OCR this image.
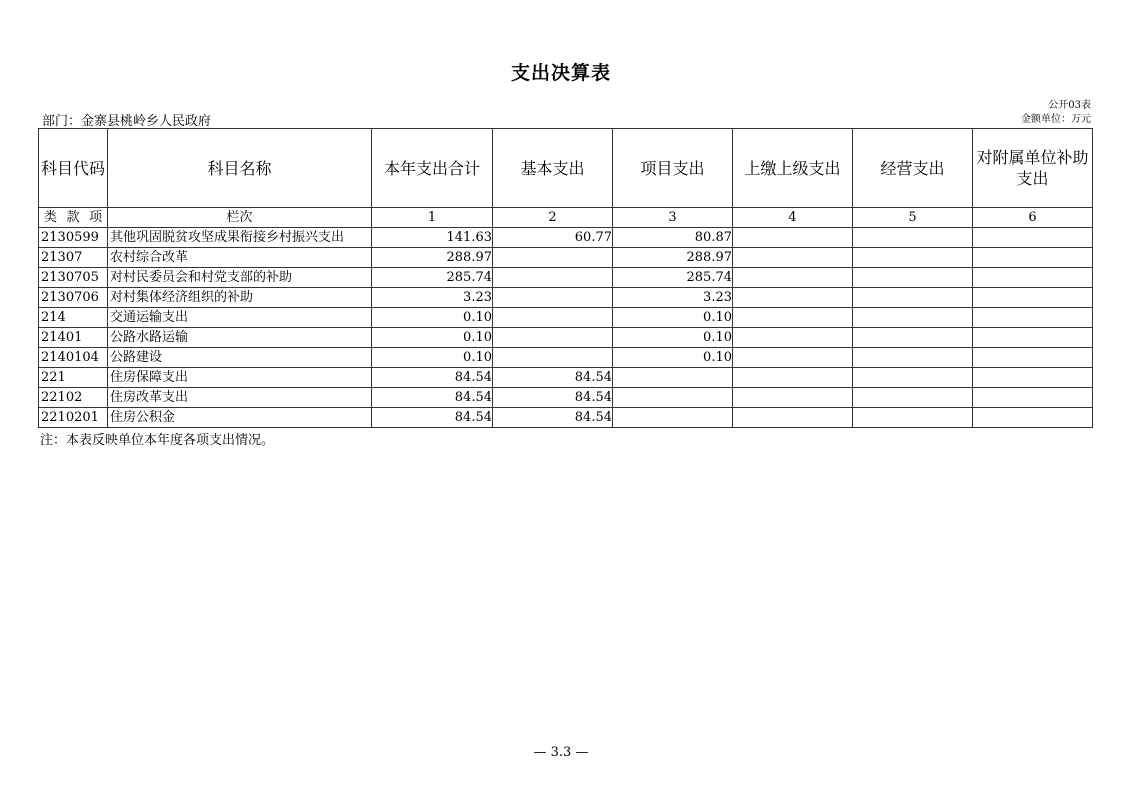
支出决算表
部门：金寨县桃岭乡人民政府
公开03表
金额单位：万元
科目代码	科目名称	本年支出合计	基本支出	项目支出	上缴上级支出	经营支出	对附属单位补助支出

类 款 项	栏次	1	2	3	4	5	6
2130599	其他巩固脱贫攻坚成果衔接乡村振兴支出	141.63	60.77	80.87			
21307	农村综合改革	288.97		288.97			
2130705	对村民委员会和村党支部的补助	285.74		285.74			
2130706	对村集体经济组织的补助	3.23		3.23			
214	交通运输支出	0.10		0.10			
21401	公路水路运输	0.10		0.10			
2140104	公路建设	0.10		0.10			
221	住房保障支出	84.54	84.54				
22102	住房改革支出	84.54	84.54				
2210201	住房公积金	84.54	84.54				
注：本表反映单位本年度各项支出情况。
— 3.3 —
